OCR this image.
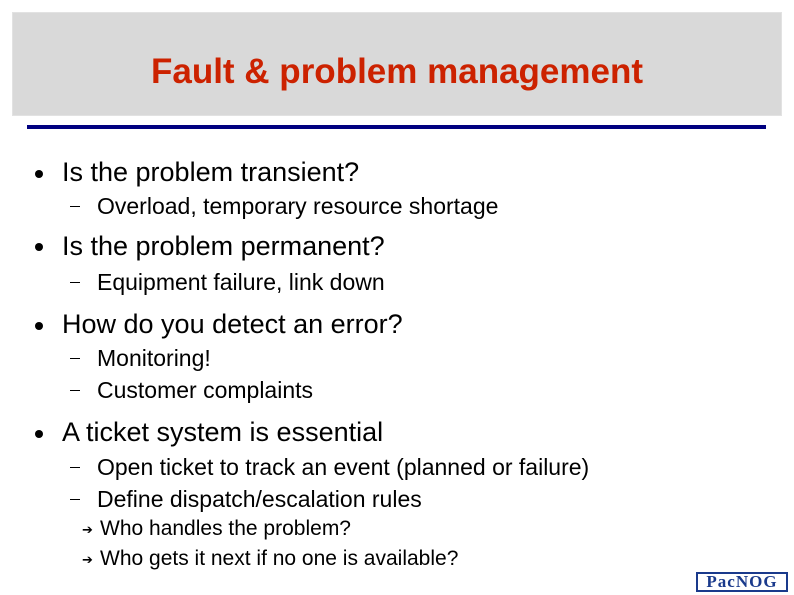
Fault & problem management
Is the problem transient?
Overload, temporary resource shortage
Is the problem permanent?
Equipment failure, link down
How do you detect an error?
Monitoring!
Customer complaints
A ticket system is essential
Open ticket to track an event (planned or failure)
Define dispatch/escalation rules
➔ Who handles the problem?
➔ Who gets it next if no one is available?
PacNOG
